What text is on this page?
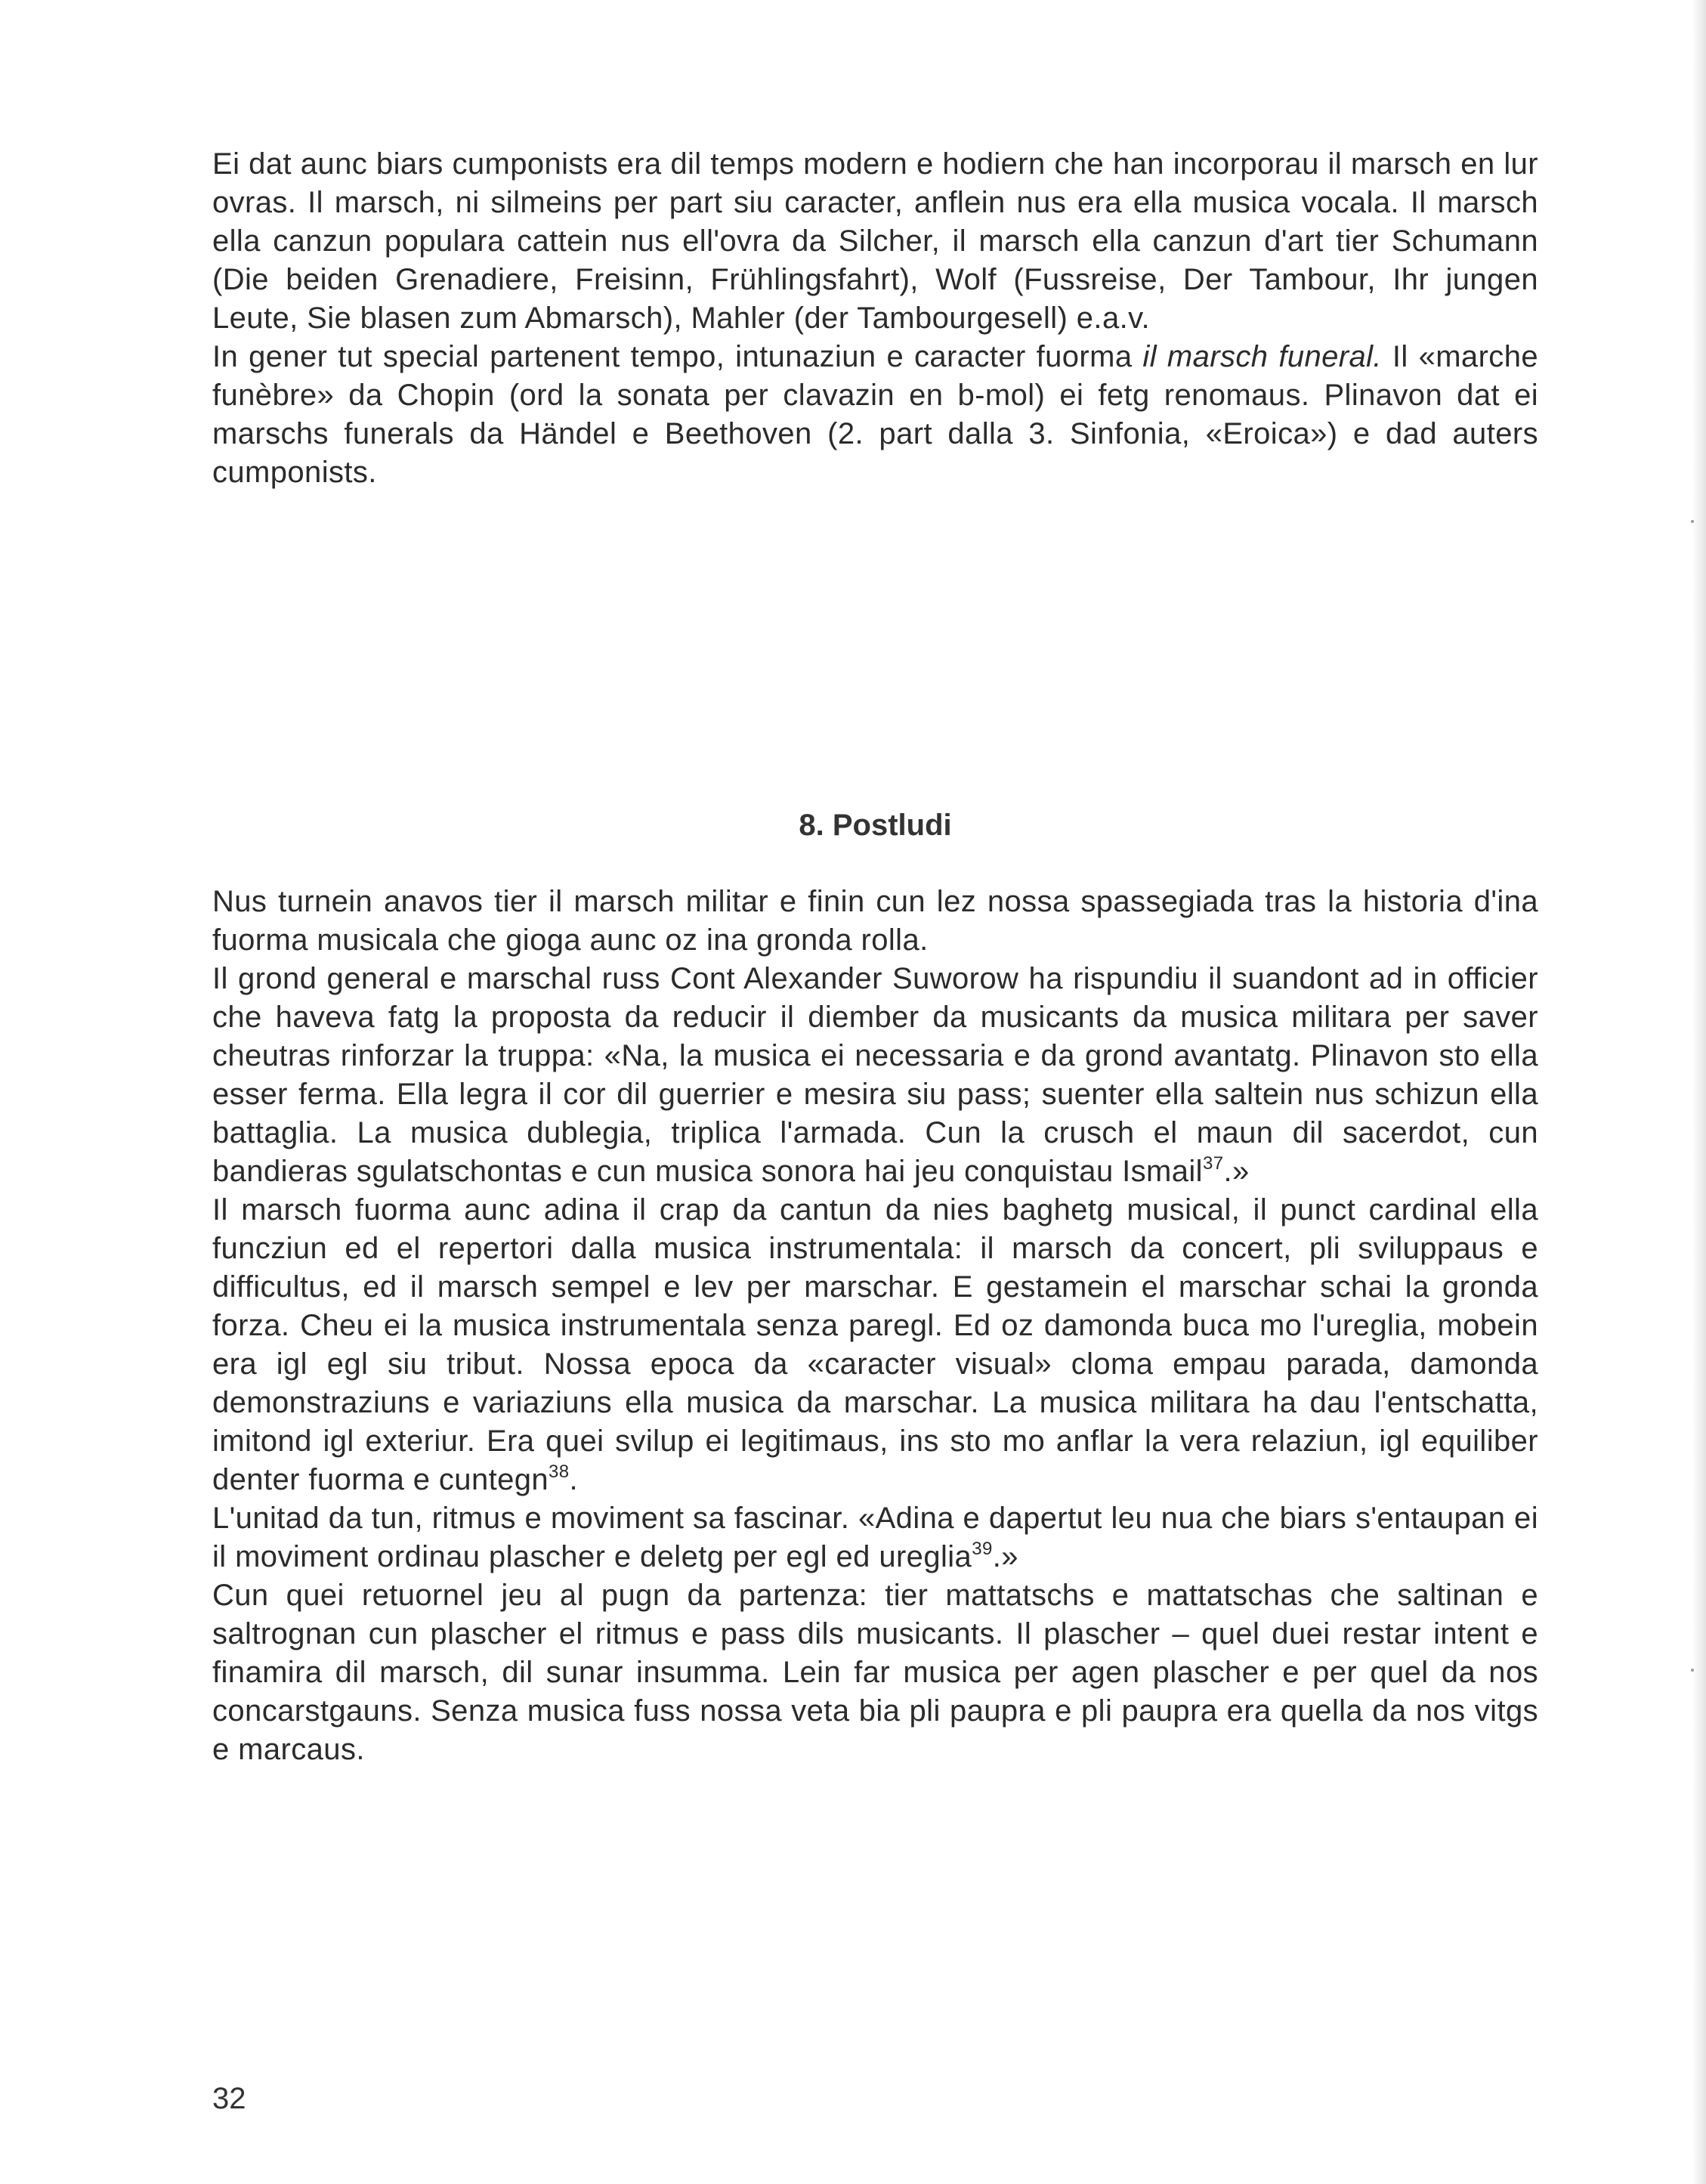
Ei dat aunc biars cumponists era dil temps modern e hodiern che han incorporau il marsch en lur ovras. Il marsch, ni silmeins per part siu caracter, anflein nus era ella musica vocala. Il marsch ella canzun populara cattein nus ell'ovra da Silcher, il marsch ella canzun d'art tier Schumann (Die beiden Grenadiere, Freisinn, Frühlingsfahrt), Wolf (Fussreise, Der Tambour, Ihr jungen Leute, Sie blasen zum Abmarsch), Mahler (der Tambourgesell) e.a.v.

In gener tut special partenent tempo, intunaziun e caracter fuorma il marsch funeral. Il «marche funèbre» da Chopin (ord la sonata per clavazin en b-mol) ei fetg renomaus. Plinavon dat ei marschs funerals da Händel e Beethoven (2. part dalla 3. Sinfonia, «Eroica») e dad auters cumponists.

8. Postludi

Nus turnein anavos tier il marsch militar e finin cun lez nossa spassegiada tras la historia d'ina fuorma musicala che gioga aunc oz ina gronda rolla.

Il grond general e marschal russ Cont Alexander Suworow ha rispundiu il suandont ad in officier che haveva fatg la proposta da reducir il diember da musicants da musica militara per saver cheutras rinforzar la truppa: «Na, la musica ei necessaria e da grond avantatg. Plinavon sto ella esser ferma. Ella legra il cor dil guerrier e mesira siu pass; suenter ella saltein nus schizun ella battaglia. La musica dublegia, triplica l'armada. Cun la crusch el maun dil sacerdot, cun bandieras sgulatschontas e cun musica sonora hai jeu conquistau Ismail$^{37}$.»

Il marsch fuorma aunc adina il crap da cantun da nies baghetg musical, il punct cardinal ella funcziun ed el repertori dalla musica instrumentala: il marsch da concert, pli sviluppaus e difficultus, ed il marsch sempel e lev per marschar. E gestamein el marschar schai la gronda forza. Cheu ei la musica instrumentala senza paregl. Ed oz damonda buca mo l'ureglia, mobein era igl egl siu tribut. Nossa epoca da «caracter visual» cloma empau parada, damonda demonstraziuns e variaziuns ella musica da marschar. La musica militara ha dau l'entschatta, imitond igl exteriur. Era quei svilup ei legitimaus, ins sto mo anflar la vera relaziun, igl equiliber denter fuorma e cuntegn$^{38}$.

L'unitad da tun, ritmus e moviment sa fascinar. «Adina e dapertut leu nua che biars s'entaupan ei il moviment ordinau plascher e deletg per egl ed ureglia$^{39}$.»

Cun quei retuornel jeu al pugn da partenza: tier mattatschs e mattatschas che saltinan e saltrognan cun plascher el ritmus e pass dils musicants. Il plascher – quel duei restar intent e finamira dil marsch, dil sunar insumma. Lein far musica per agen plascher e per quel da nos concarstgauns. Senza musica fuss nossa veta bia pli paupra e pli paupra era quella da nos vitgs e marcaus.

32
